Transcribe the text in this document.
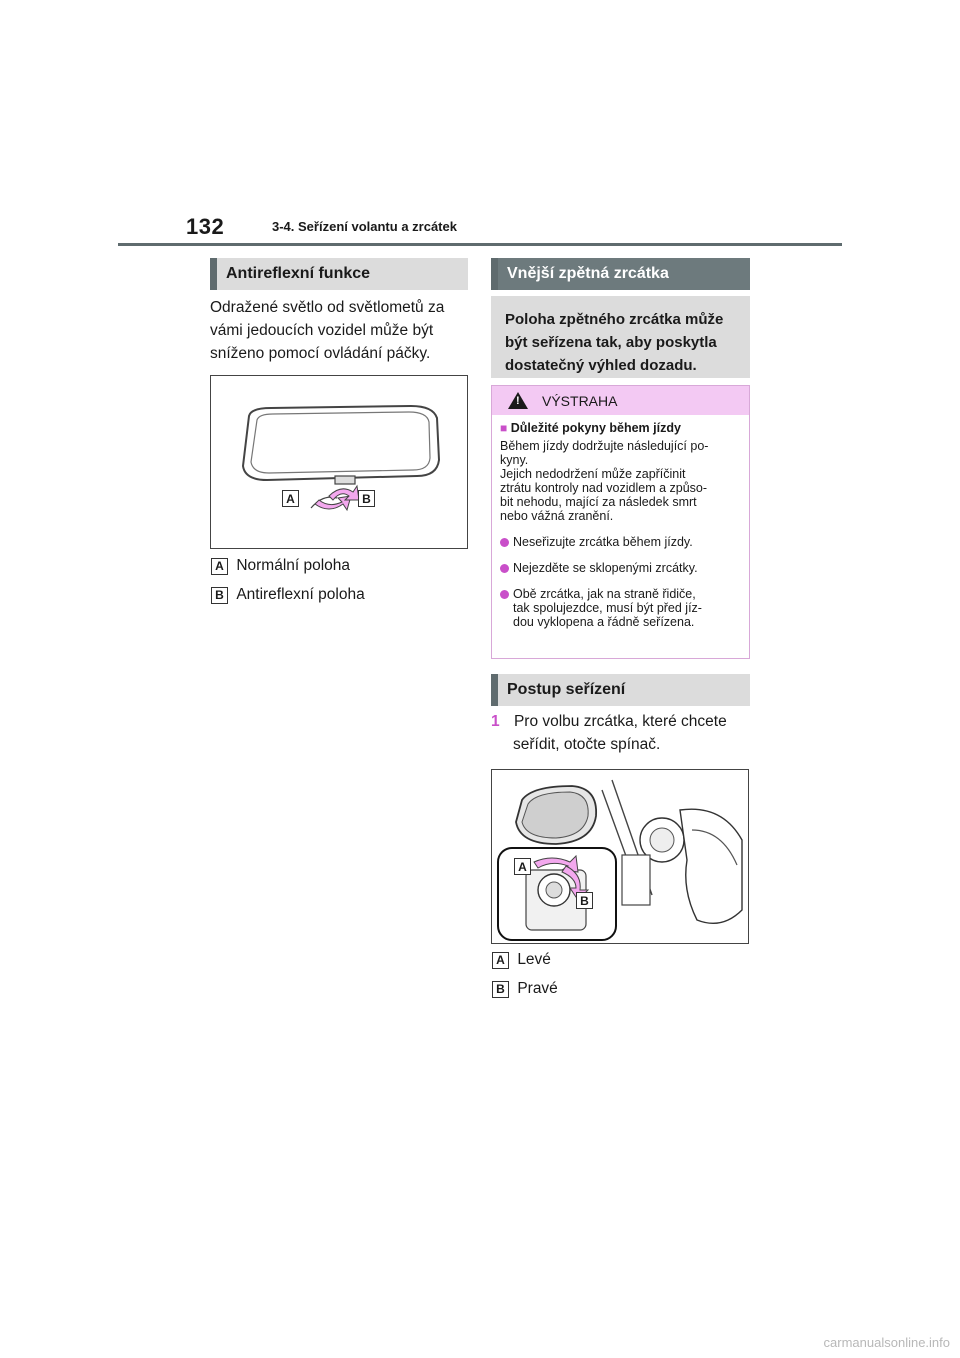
132	3-4. Seřízení volantu a zrcátek
Antireflexní funkce
Odražené světlo od světlometů za
vámi jedoucích vozidel může být
sníženo pomocí ovládání páčky.
A	B
A Normální poloha
B Antireflexní poloha
Vnější zpětná zrcátka
Poloha zpětného zrcátka může
být seřízena tak, aby poskytla
dostatečný výhled dozadu.
! VÝSTRAHA
■ Důležité pokyny během jízdy
Během jízdy dodržujte následující po-
kyny.
Jejich nedodržení může zapříčinit
ztrátu kontroly nad vozidlem a způso-
bit nehodu, mající za následek smrt
nebo vážná zranění.
Neseřizujte zrcátka během jízdy.
Nejezděte se sklopenými zrcátky.
Obě zrcátka, jak na straně řidiče,
tak spolujezdce, musí být před jíz-
dou vyklopena a řádně seřízena.
Postup seřízení
1 Pro volbu zrcátka, které chcete
seřídit, otočte spínač.
A
B
A Levé
B Pravé
carmanualsonline.info
